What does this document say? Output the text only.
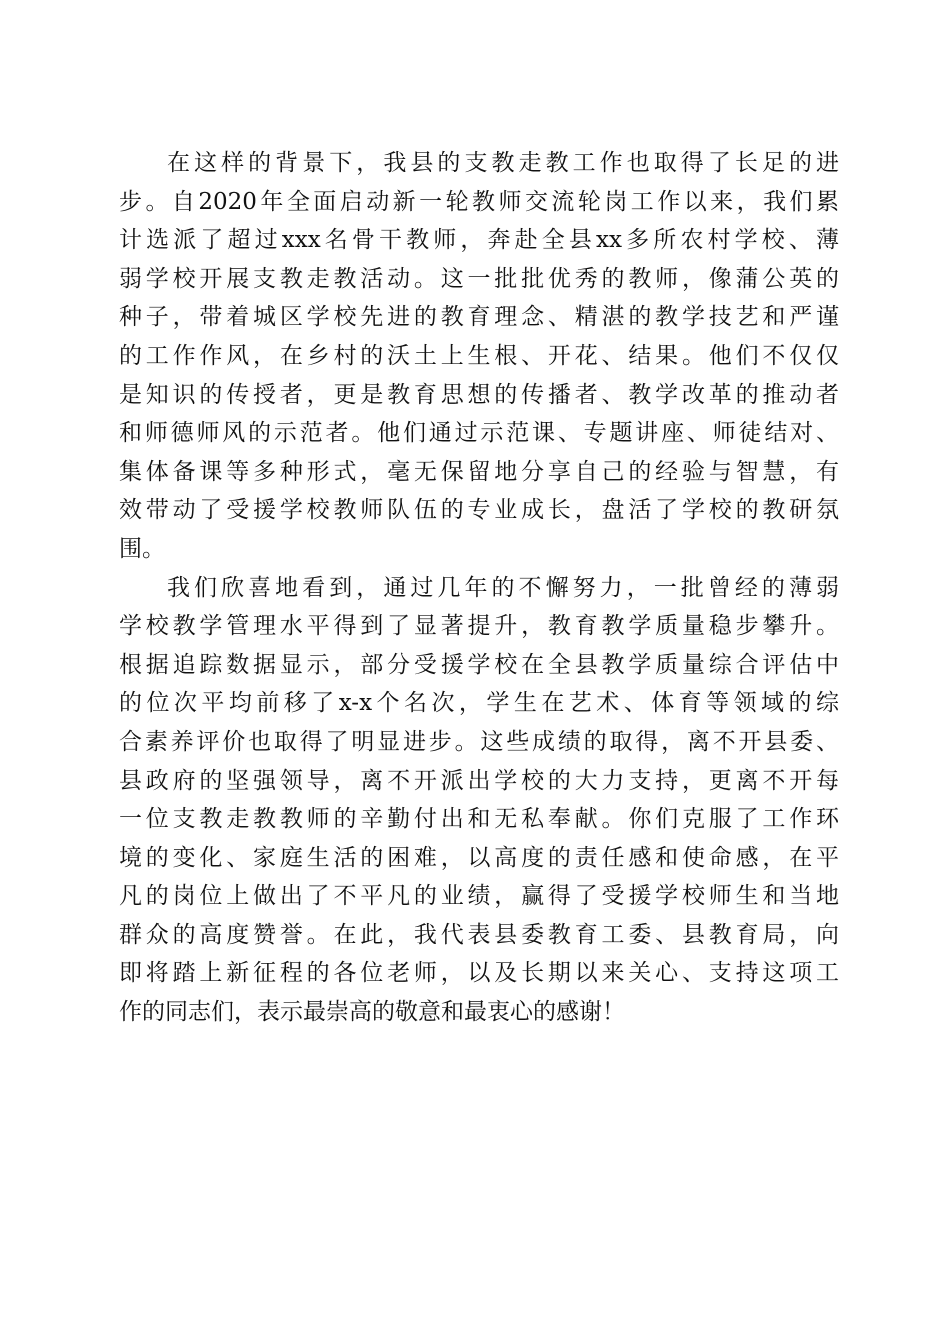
在这样的背景下，我县的支教走教工作也取得了长足的进
步。自2020年全面启动新一轮教师交流轮岗工作以来，我们累
计选派了超过xxx名骨干教师，奔赴全县xx多所农村学校、薄
弱学校开展支教走教活动。这一批批优秀的教师，像蒲公英的
种子，带着城区学校先进的教育理念、精湛的教学技艺和严谨
的工作作风，在乡村的沃土上生根、开花、结果。他们不仅仅
是知识的传授者，更是教育思想的传播者、教学改革的推动者
和师德师风的示范者。他们通过示范课、专题讲座、师徒结对、
集体备课等多种形式，毫无保留地分享自己的经验与智慧，有
效带动了受援学校教师队伍的专业成长，盘活了学校的教研氛
围。
我们欣喜地看到，通过几年的不懈努力，一批曾经的薄弱
学校教学管理水平得到了显著提升，教育教学质量稳步攀升。
根据追踪数据显示，部分受援学校在全县教学质量综合评估中
的位次平均前移了x-x个名次，学生在艺术、体育等领域的综
合素养评价也取得了明显进步。这些成绩的取得，离不开县委、
县政府的坚强领导，离不开派出学校的大力支持，更离不开每
一位支教走教教师的辛勤付出和无私奉献。你们克服了工作环
境的变化、家庭生活的困难，以高度的责任感和使命感，在平
凡的岗位上做出了不平凡的业绩，赢得了受援学校师生和当地
群众的高度赞誉。在此，我代表县委教育工委、县教育局，向
即将踏上新征程的各位老师，以及长期以来关心、支持这项工
作的同志们，表示最崇高的敬意和最衷心的感谢！
